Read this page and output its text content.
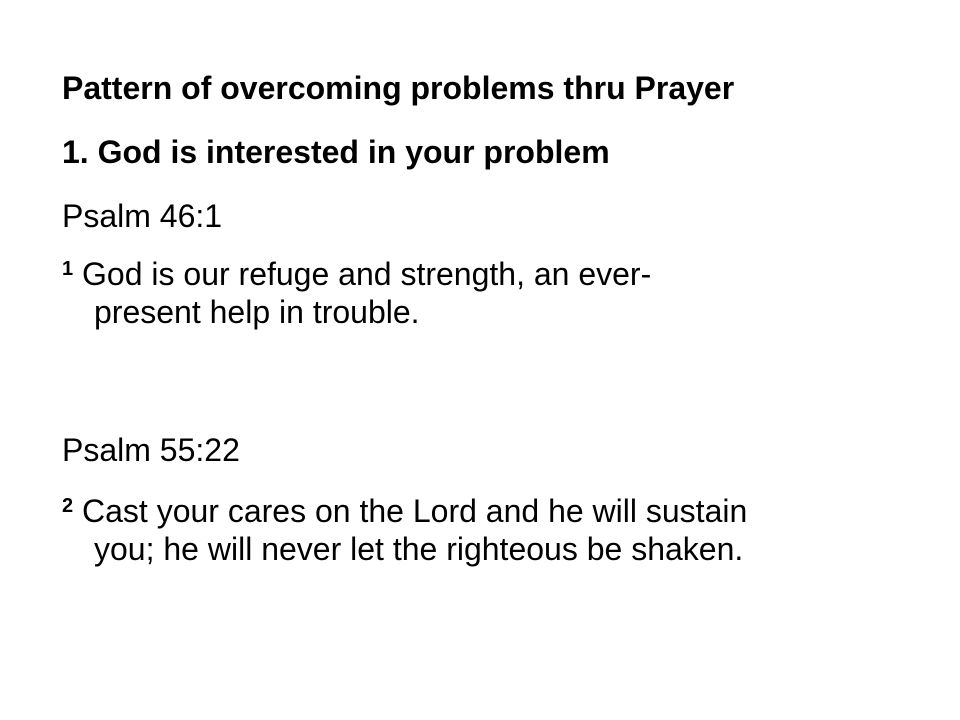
Pattern of overcoming problems thru Prayer
1. God is interested in your problem
Psalm 46:1
$^1$ God is our refuge and strength, an ever-
present help in trouble.
Psalm 55:22
$^2$ Cast your cares on the Lord and he will sustain
you; he will never let the righteous be shaken.
